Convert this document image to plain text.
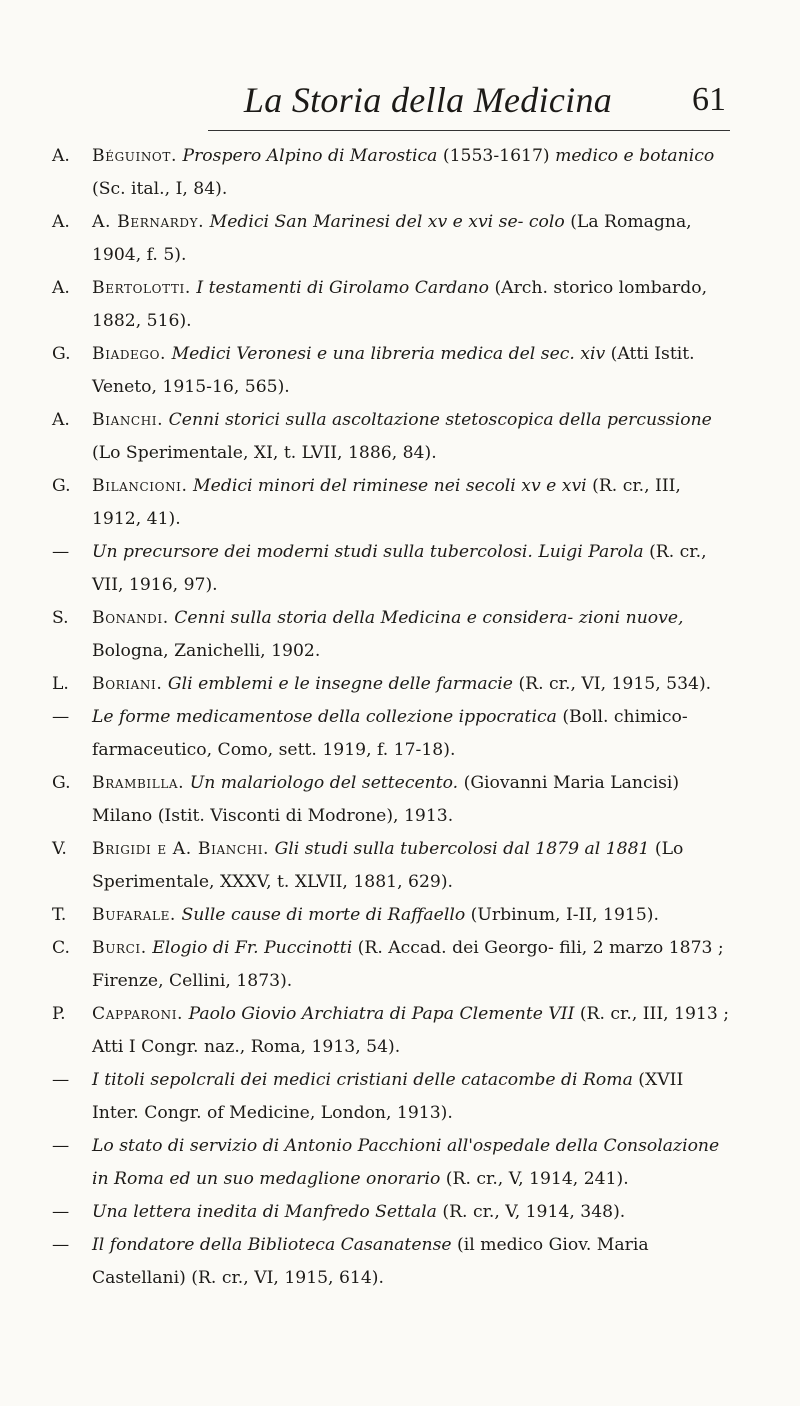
La Storia della Medicina	61
A. Béguinot. Prospero Alpino di Marostica (1553-1617) medico e botanico (Sc. ital., I, 84).
A. A. Bernardy. Medici San Marinesi del xv e xvi se- colo (La Romagna, 1904, f. 5).
A. Bertolotti. I testamenti di Girolamo Cardano (Arch. storico lombardo, 1882, 516).
G. Biadego. Medici Veronesi e una libreria medica del sec. xiv (Atti Istit. Veneto, 1915-16, 565).
A. Bianchi. Cenni storici sulla ascoltazione stetoscopica della percussione (Lo Sperimentale, XI, t. LVII, 1886, 84).
G. Bilancioni. Medici minori del riminese nei secoli xv e xvi (R. cr., III, 1912, 41).
— Un precursore dei moderni studi sulla tubercolosi. Luigi Parola (R. cr., VII, 1916, 97).
S. Bonandi. Cenni sulla storia della Medicina e considera- zioni nuove, Bologna, Zanichelli, 1902.
L. Boriani. Gli emblemi e le insegne delle farmacie (R. cr., VI, 1915, 534).
— Le forme medicamentose della collezione ippocratica (Boll. chimico-farmaceutico, Como, sett. 1919, f. 17-18).
G. Brambilla. Un malariologo del settecento. (Giovanni Maria Lancisi) Milano (Istit. Visconti di Modrone), 1913.
V. Brigidi e A. Bianchi. Gli studi sulla tubercolosi dal 1879 al 1881 (Lo Sperimentale, XXXV, t. XLVII, 1881, 629).
T. Bufarale. Sulle cause di morte di Raffaello (Urbinum, I-II, 1915).
C. Burci. Elogio di Fr. Puccinotti (R. Accad. dei Georgo- fili, 2 marzo 1873 ; Firenze, Cellini, 1873).
P. Capparoni. Paolo Giovio Archiatra di Papa Clemente VII (R. cr., III, 1913 ; Atti I Congr. naz., Roma, 1913, 54).
— I titoli sepolcrali dei medici cristiani delle catacombe di Roma (XVII Inter. Congr. of Medicine, London, 1913).
— Lo stato di servizio di Antonio Pacchioni all'ospedale della Consolazione in Roma ed un suo medaglione onorario (R. cr., V, 1914, 241).
— Una lettera inedita di Manfredo Settala (R. cr., V, 1914, 348).
— Il fondatore della Biblioteca Casanatense (il medico Giov. Maria Castellani) (R. cr., VI, 1915, 614).
